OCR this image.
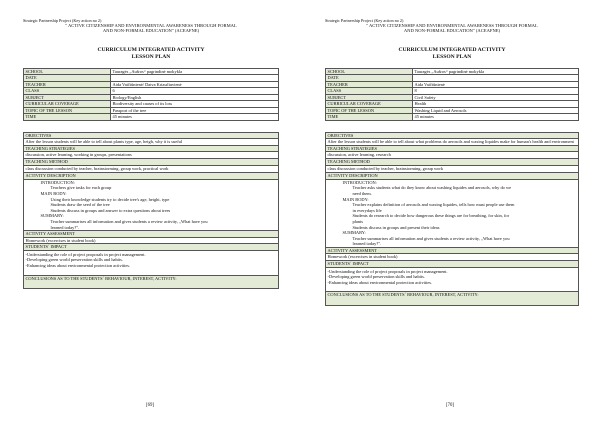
Strategic Partnership Project (Key action no 2)
" ACTIVE CITIZENSHIP AND ENVIRONMENTAL AWARENESS THROUGH FORMAL
AND NON-FORMAL EDUCATION" (ACEAFNE)
CURRICULUM INTEGRATED ACTIVITY
LESSON PLAN
SCHOOL	Tauragės „Aušros“ pagrindinė mokykla
DATE	
TEACHER	Aida Vaičiūnienė/ Daiva Kriaučiuvienė
CLASS	6
SUBJECT	Biology/English
CURRICULAR COVERAGE	Biodiversity and causes of its loss
TOPIC OF THE LESSON	Passport of the tree
TIME	45 minutes
OBJECTIVES
After the lesson students will be able to tell about plants type, age, heigh, why it is useful
TEACHING STRATEGIES
discussion, active learning, working in groups, presentations
TEACHING METHOD
class discussion conducted by teacher, brainstorming, group work, practical work
ACTIVITY DESCRIPTION
INTRODUCTION:
Teachers give tasks for each group
MAIN BODY:
Using their knowledge students try to decide tree's age, height, type
Students draw the seed of the tree
Students discuss in groups and answer to extra questions about trees
SUMMARY:
Teacher summarises all information and gives students a review activity, „What have you
learned today?”.
ACTIVITY ASSESSMENT
Homework (excercises in student book)
STUDENTS´ IMPACT
-Understanding the role of project proposals in project management.
-Developing green world preservation skills and habits.
-Enhancing ideas about environmental protection activities.
CONCLUSIONS AS TO THE STUDENTS´ BEHAVIOUR, INTEREST, ACTIVITY:
[69]
Strategic Partnership Project (Key action no 2)
" ACTIVE CITIZENSHIP AND ENVIRONMENTAL AWARENESS THROUGH FORMAL
AND NON-FORMAL EDUCATION" (ACEAFNE)
CURRICULUM INTEGRATED ACTIVITY
LESSON PLAN
SCHOOL	Tauragės „Aušros“ pagrindinė mokykla
DATE	
TEACHER	Aida Vaičiūnienė
CLASS	8
SUBJECT	Civil Safety
CURRICULAR COVERAGE	Health
TOPIC OF THE LESSON	Washing Liquid and Aerosols
TIME	45 minutes
OBJECTIVES
After the lesson students will be able to tell about what problems do aerosols and waxing liquides make for human's health and environment
TEACHING STRATEGIES
discussion, active learning, research
TEACHING METHOD
class discussion conducted by teacher, brainstorming, group work
ACTIVITY DESCRIPTION
INTRODUCTION:
Teacher asks students what do they know about washing liquides and aerosols, why do we
need them.
MAIN BODY:
Teacher explains definition of aerosols and waxing liquides, tells how must people use them
in everydays life
Students do research to decide how dangerous these things are for breathing, for skin, for
plants
Students discuss in groups and present their ideas
SUMMARY:
Teacher summarises all information and gives students a review activity, „What have you
learned today?”.
ACTIVITY ASSESSMENT
Homework (excercises in student book)
STUDENTS´ IMPACT
-Understanding the role of project proposals in project management.
-Developing green world preservation skills and habits.
-Enhancing ideas about environmental protection activities.
CONCLUSIONS AS TO THE STUDENTS´ BEHAVIOUR, INTEREST, ACTIVITY:
[70]
